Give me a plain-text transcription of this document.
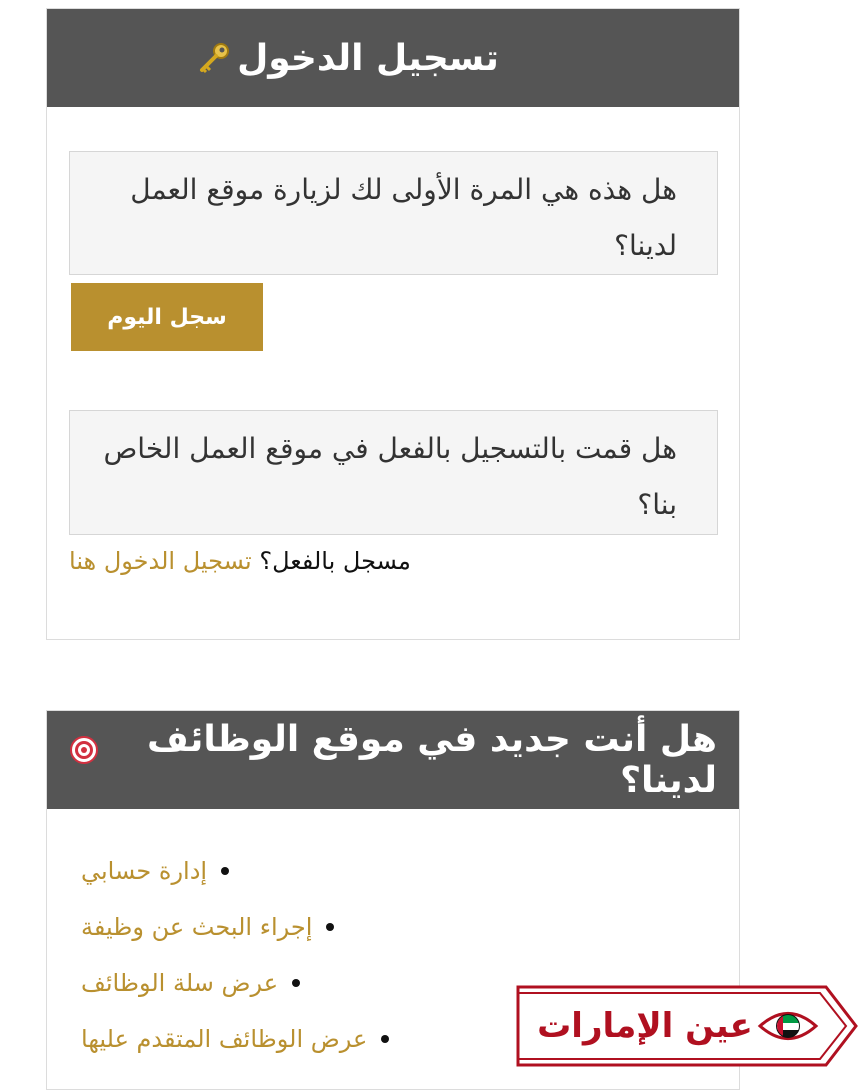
تسجيل الدخول
هل هذه هي المرة الأولى لك لزيارة موقع العمل لدينا؟
سجل اليوم
هل قمت بالتسجيل بالفعل في موقع العمل الخاص بنا؟
مسجل بالفعل؟ تسجيل الدخول هنا
هل أنت جديد في موقع الوظائف لدينا؟
إدارة حسابي
إجراء البحث عن وظيفة
عرض سلة الوظائف
عرض الوظائف المتقدم عليها	عين الإمارات
